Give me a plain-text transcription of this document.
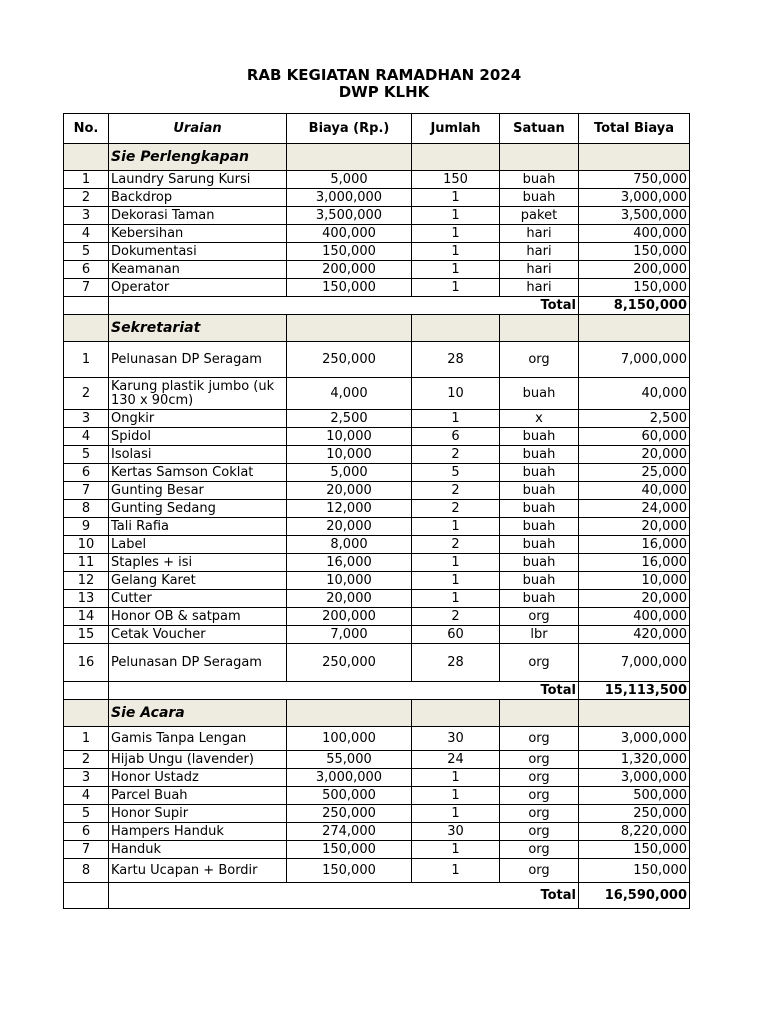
RAB KEGIATAN RAMADHAN 2024
DWP KLHK
No.	Uraian	Biaya (Rp.)	Jumlah	Satuan	Total Biaya
	Sie Perlengkapan				
1	Laundry Sarung Kursi	5,000	150	buah	750,000
2	Backdrop	3,000,000	1	buah	3,000,000
3	Dekorasi Taman	3,500,000	1	paket	3,500,000
4	Kebersihan	400,000	1	hari	400,000
5	Dokumentasi	150,000	1	hari	150,000
6	Keamanan	200,000	1	hari	200,000
7	Operator	150,000	1	hari	150,000
	Total				8,150,000
	Sekretariat				
1	Pelunasan DP Seragam	250,000	28	org	7,000,000
2	Karung plastik jumbo (uk 130 x 90cm)	4,000	10	buah	40,000
3	Ongkir	2,500	1	x	2,500
4	Spidol	10,000	6	buah	60,000
5	Isolasi	10,000	2	buah	20,000
6	Kertas Samson Coklat	5,000	5	buah	25,000
7	Gunting Besar	20,000	2	buah	40,000
8	Gunting Sedang	12,000	2	buah	24,000
9	Tali Rafia	20,000	1	buah	20,000
10	Label	8,000	2	buah	16,000
11	Staples + isi	16,000	1	buah	16,000
12	Gelang Karet	10,000	1	buah	10,000
13	Cutter	20,000	1	buah	20,000
14	Honor OB & satpam	200,000	2	org	400,000
15	Cetak Voucher	7,000	60	lbr	420,000
16	Pelunasan DP Seragam	250,000	28	org	7,000,000
	Total				15,113,500
	Sie Acara				
1	Gamis Tanpa Lengan	100,000	30	org	3,000,000
2	Hijab Ungu (lavender)	55,000	24	org	1,320,000
3	Honor Ustadz	3,000,000	1	org	3,000,000
4	Parcel Buah	500,000	1	org	500,000
5	Honor Supir	250,000	1	org	250,000
6	Hampers Handuk	274,000	30	org	8,220,000
7	Handuk	150,000	1	org	150,000
8	Kartu Ucapan + Bordir	150,000	1	org	150,000
	Total				16,590,000
